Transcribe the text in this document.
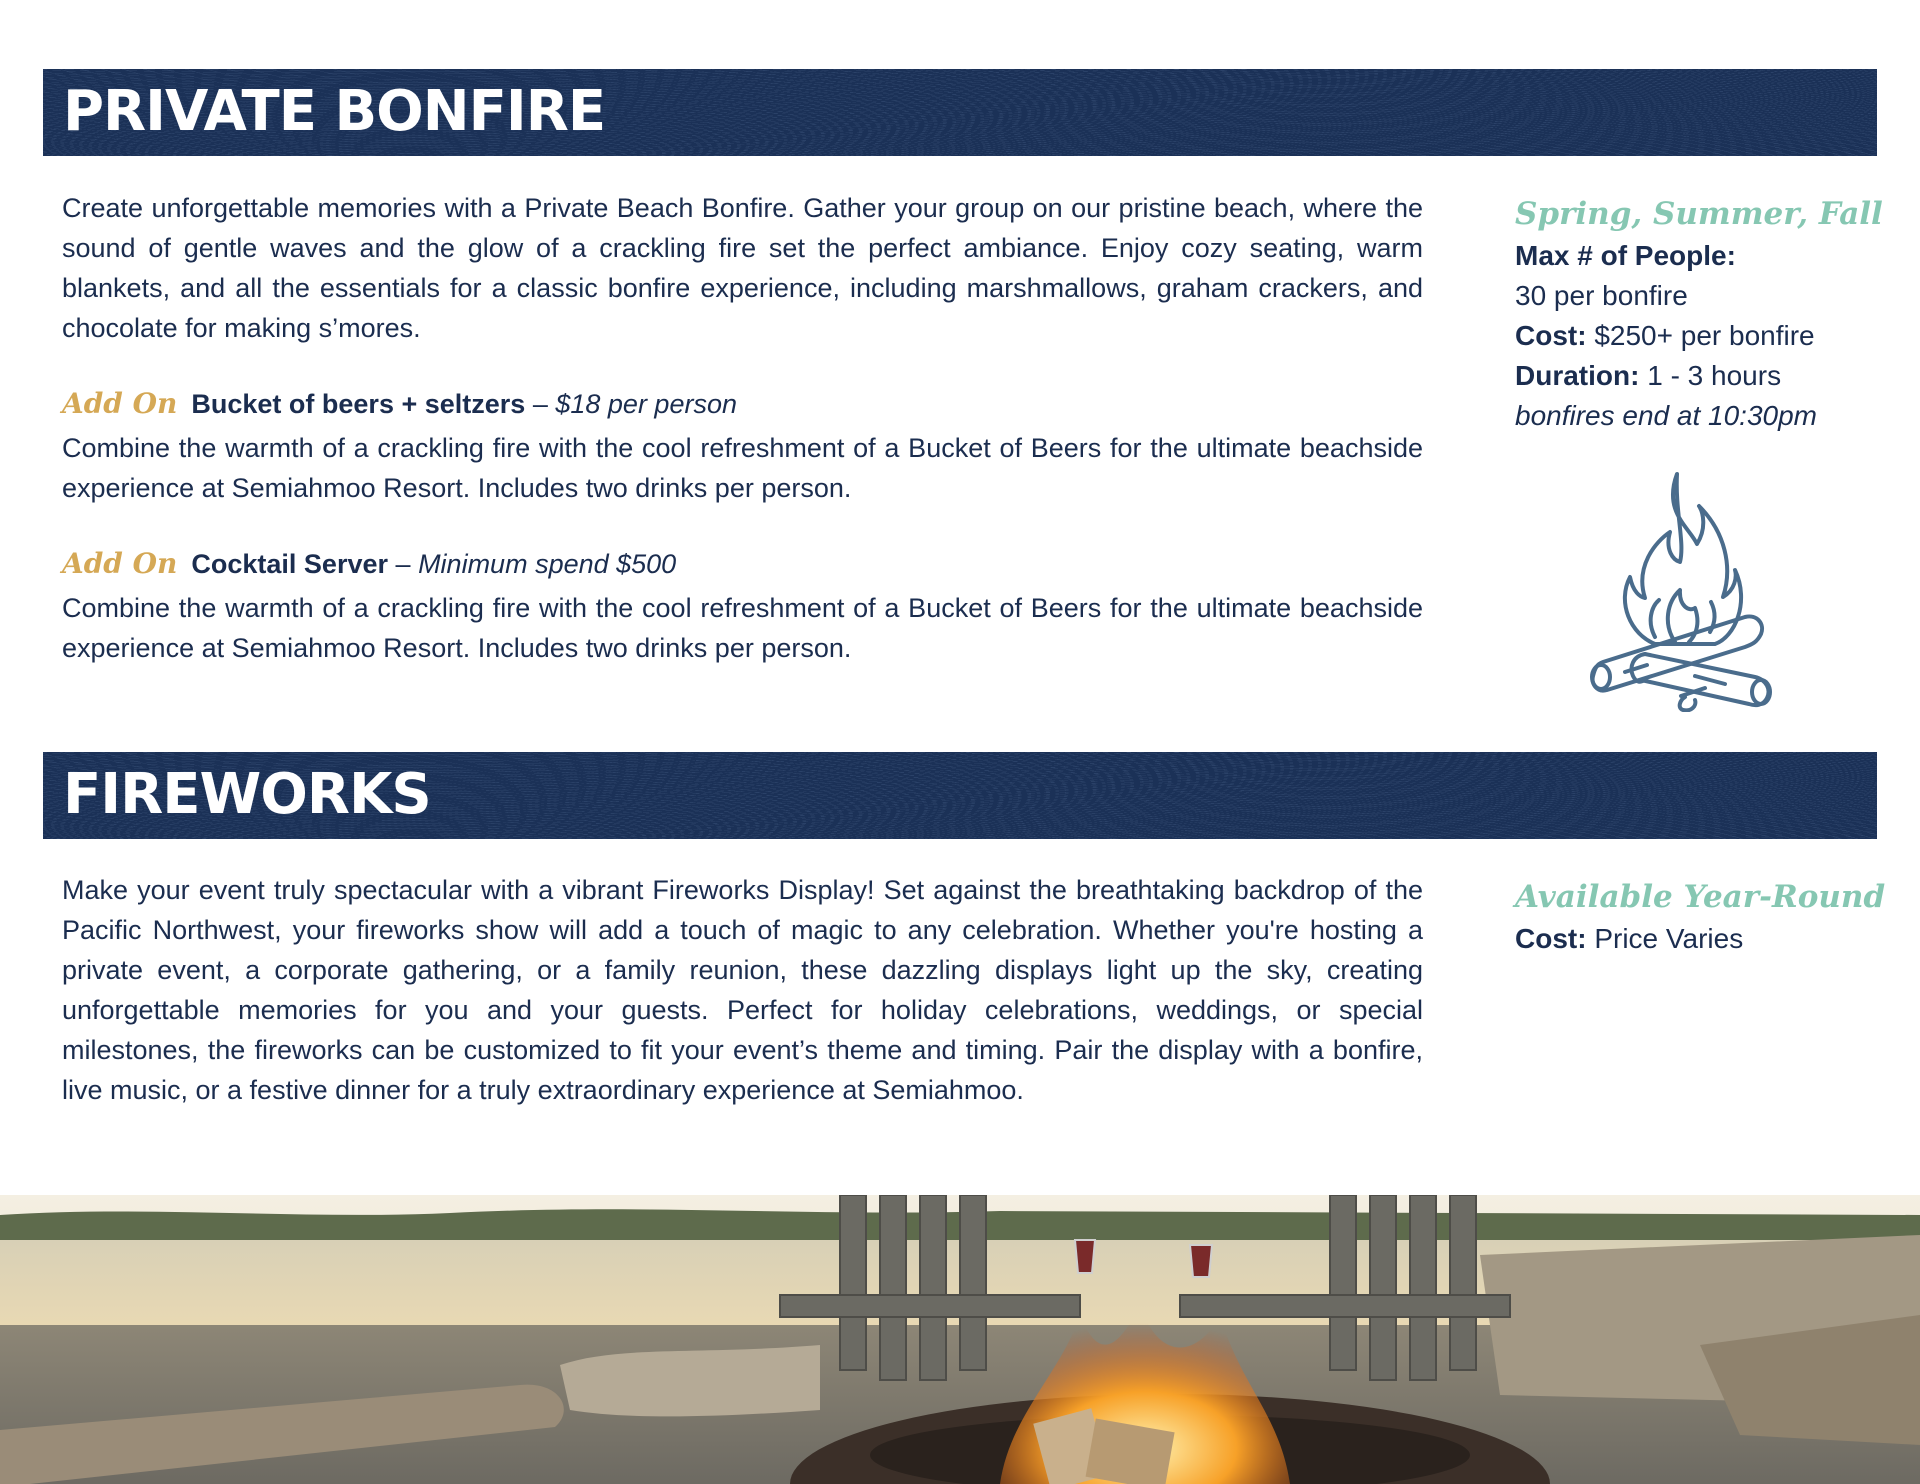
PRIVATE BONFIRE

Create unforgettable memories with a Private Beach Bonfire. Gather your group on our pristine beach, where the sound of gentle waves and the glow of a crackling fire set the perfect ambiance. Enjoy cozy seating, warm blankets, and all the essentials for a classic bonfire experience, including marshmallows, graham crackers, and chocolate for making s’mores.

Add On Bucket of beers + seltzers – $18 per person

Combine the warmth of a crackling fire with the cool refreshment of a Bucket of Beers for the ultimate beachside experience at Semiahmoo Resort. Includes two drinks per person.

Add On Cocktail Server – Minimum spend $500

Combine the warmth of a crackling fire with the cool refreshment of a Bucket of Beers for the ultimate beachside experience at Semiahmoo Resort. Includes two drinks per person.

Spring, Summer, Fall

Max # of People:

30 per bonfire

Cost: $250+ per bonfire

Duration: 1 - 3 hours

bonfires end at 10:30pm

FIREWORKS

Make your event truly spectacular with a vibrant Fireworks Display! Set against the breathtaking backdrop of the Pacific Northwest, your fireworks show will add a touch of magic to any celebration. Whether you're hosting a private event, a corporate gathering, or a family reunion, these dazzling displays light up the sky, creating unforgettable memories for you and your guests. Perfect for holiday celebrations, weddings, or special milestones, the fireworks can be customized to fit your event’s theme and timing. Pair the display with a bonfire, live music, or a festive dinner for a truly extraordinary experience at Semiahmoo.

Available Year-Round

Cost: Price Varies
